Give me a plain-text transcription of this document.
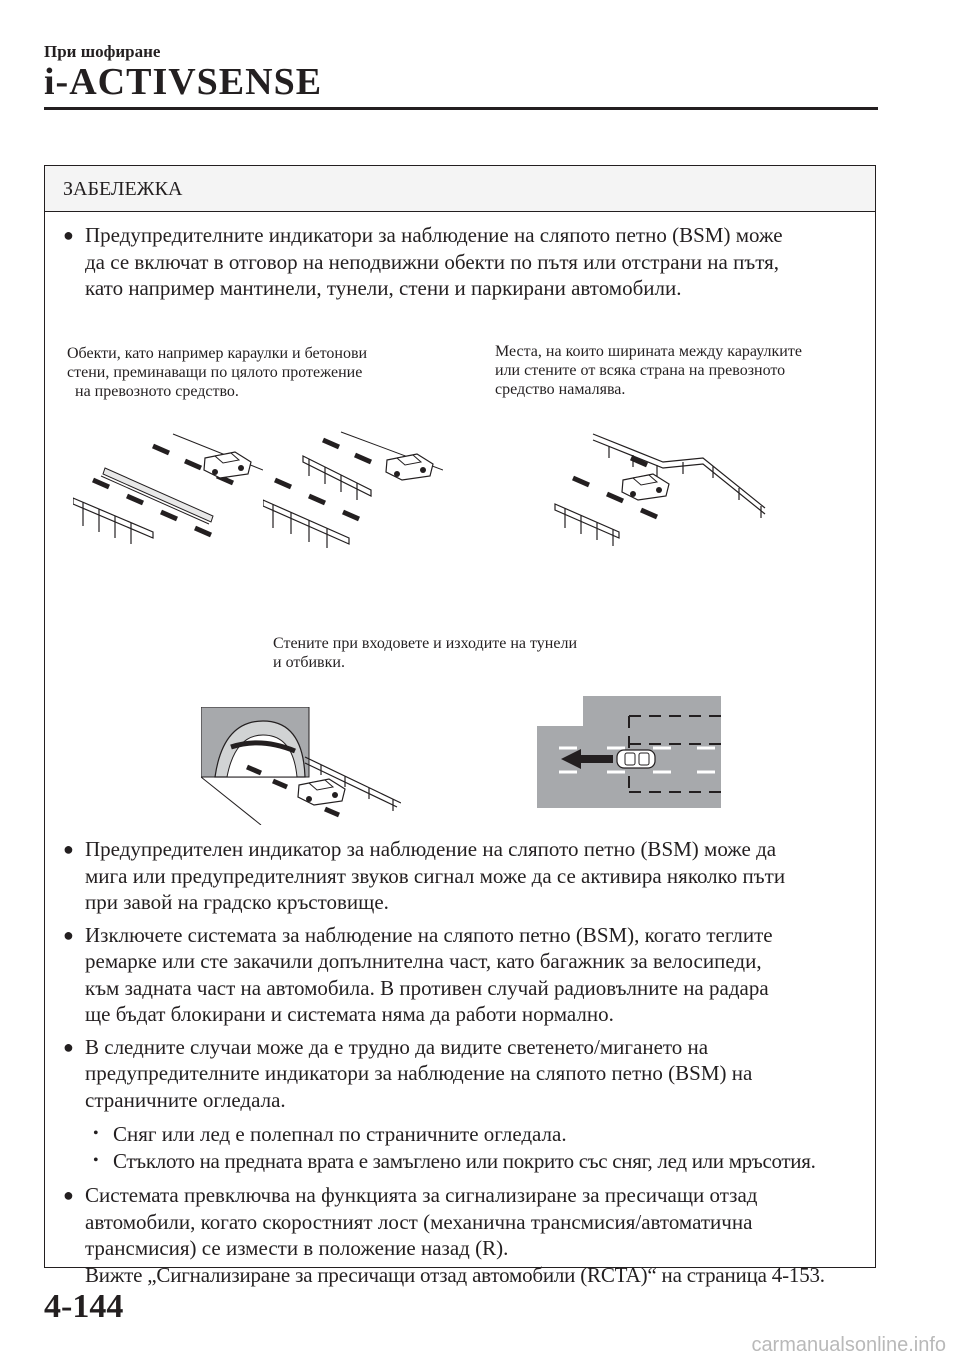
При шофиране
i-ACTIVSENSE
ЗАБЕЛЕЖКА
● Предупредителните индикатори за наблюдение на сляпото петно (BSM) може
да се включат в отговор на неподвижни обекти по пътя или отстрани на пътя,
като например мантинели, тунели, стени и паркирани автомобили.
Обекти, като например караулки и бетонови
стени, преминаващи по цялото протежение
на превозното средство.
Места, на които ширината между караулките
или стените от всяка страна на превозното
средство намалява.
Стените при входовете и изходите на тунели
и отбивки.
● Предупредителен индикатор за наблюдение на сляпото петно (BSM) може да
мига или предупредителният звуков сигнал може да се активира няколко пъти
при завой на градско кръстовище.
● Изключете системата за наблюдение на сляпото петно (BSM), когато теглите
ремарке или сте закачили допълнителна част, като багажник за велосипеди,
към задната част на автомобила. В противен случай радиовълните на радара
ще бъдат блокирани и системата няма да работи нормално.
● В следните случаи може да е трудно да видите светенето/мигането на
предупредителните индикатори за наблюдение на сляпото петно (BSM) на
страничните огледала.
• Сняг или лед е полепнал по страничните огледала.
• Стъклото на предната врата е замъглено или покрито със сняг, лед или мръсотия.
● Системата превключва на функцията за сигнализиране за пресичащи отзад
автомобили, когато скоростният лост (механична трансмисия/автоматична
трансмисия) се измести в положение назад (R).
Вижте „Сигнализиране за пресичащи отзад автомобили (RCTA)“ на страница 4-153.
4-144
carmanualsonline.info
